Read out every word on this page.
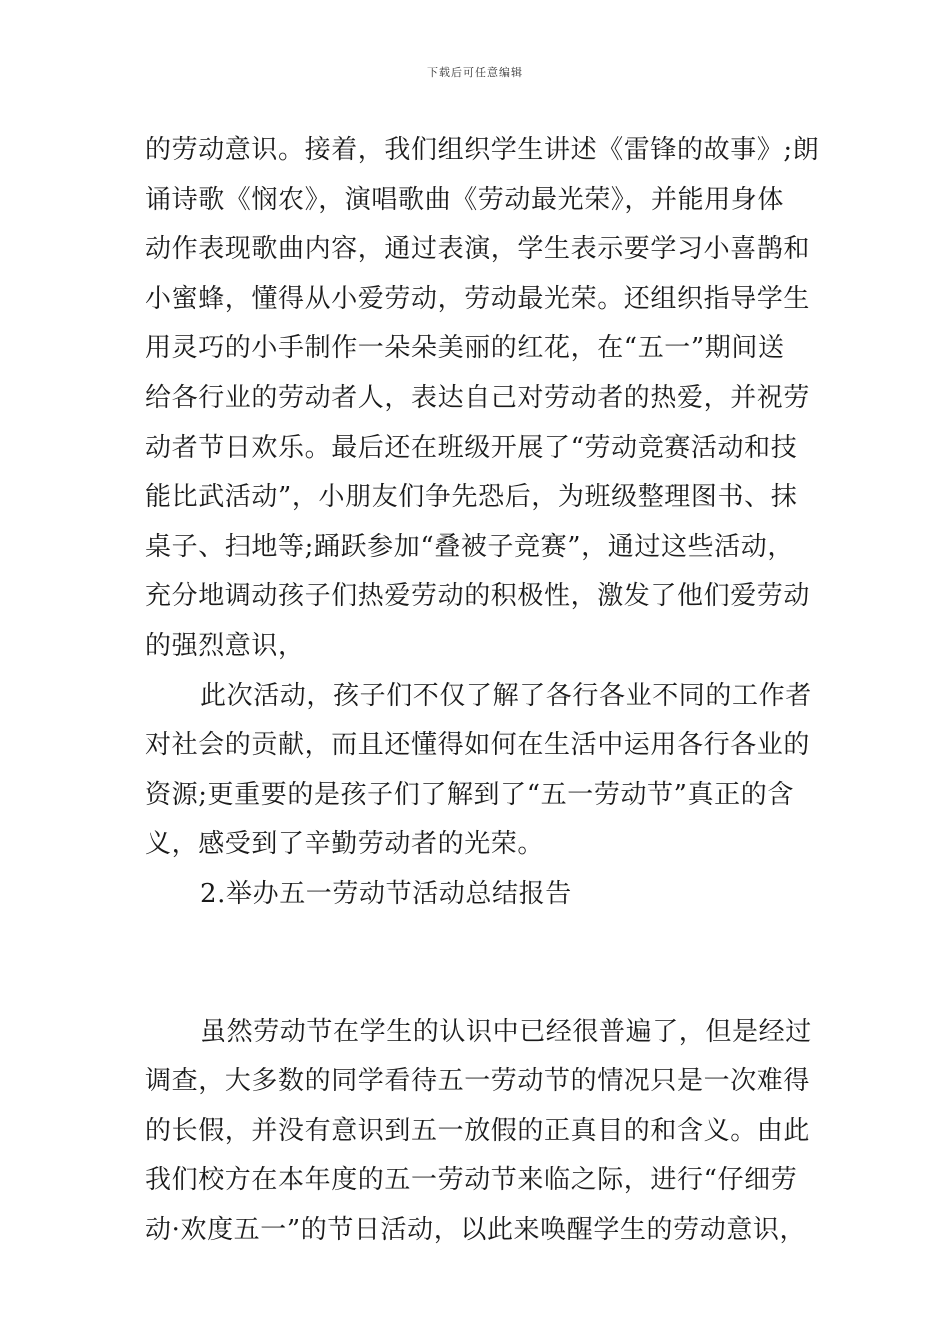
下载后可任意编辑
的劳动意识。接着，我们组织学生讲述《雷锋的故事》;朗
诵诗歌《悯农》，演唱歌曲《劳动最光荣》，并能用身体
动作表现歌曲内容，通过表演，学生表示要学习小喜鹊和
小蜜蜂，懂得从小爱劳动，劳动最光荣。还组织指导学生
用灵巧的小手制作一朵朵美丽的红花，在“五一”期间送
给各行业的劳动者人，表达自己对劳动者的热爱，并祝劳
动者节日欢乐。最后还在班级开展了“劳动竞赛活动和技
能比武活动”，小朋友们争先恐后，为班级整理图书、抹
桌子、扫地等;踊跃参加“叠被子竞赛”，通过这些活动，
充分地调动孩子们热爱劳动的积极性，激发了他们爱劳动
的强烈意识，
此次活动，孩子们不仅了解了各行各业不同的工作者
对社会的贡献，而且还懂得如何在生活中运用各行各业的
资源;更重要的是孩子们了解到了“五一劳动节”真正的含
义，感受到了辛勤劳动者的光荣。
2.举办五一劳动节活动总结报告
虽然劳动节在学生的认识中已经很普遍了，但是经过
调查，大多数的同学看待五一劳动节的情况只是一次难得
的长假，并没有意识到五一放假的正真目的和含义。由此
我们校方在本年度的五一劳动节来临之际，进行“仔细劳
动·欢度五一”的节日活动，以此来唤醒学生的劳动意识，
